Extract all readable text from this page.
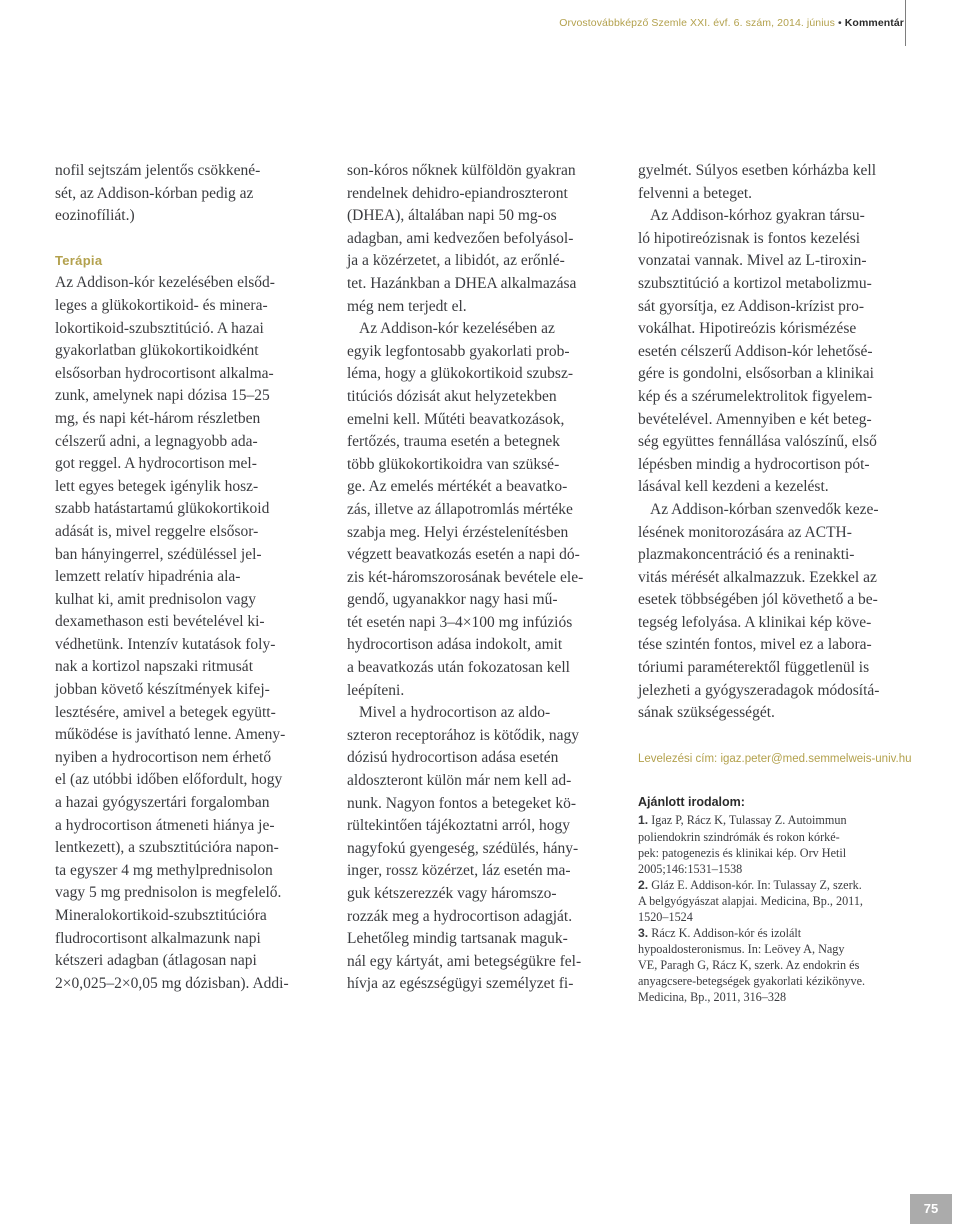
Orvostovábbképző Szemle XXI. évf. 6. szám, 2014. június • Kommentár
nofil sejtszám jelentős csökkené-
sét, az Addison-kórban pedig az
eozinofíliát.)
Terápia
Az Addison-kór kezelésében elsőd-
leges a glükokortikoid- és minera-
lokortikoid-szubsztitúció. A hazai
gyakorlatban glükokortikoidként
elsősorban hydrocortisont alkalma-
zunk, amelynek napi dózisa 15–25
mg, és napi két-három részletben
célszerű adni, a legnagyobb ada-
got reggel. A hydrocortison mel-
lett egyes betegek igénylik hosz-
szabb hatástartamú glükokortikoid
adását is, mivel reggelre elsősor-
ban hányingerrel, szédüléssel jel-
lemzett relatív hipadrénia ala-
kulhat ki, amit prednisolon vagy
dexamethason esti bevételével ki-
védhetünk. Intenzív kutatások foly-
nak a kortizol napszaki ritmusát
jobban követő készítmények kifej-
lesztésére, amivel a betegek együtt-
működése is javítható lenne. Ameny-
nyiben a hydrocortison nem érhető
el (az utóbbi időben előfordult, hogy
a hazai gyógyszertári forgalomban
a hydrocortison átmeneti hiánya je-
lentkezett), a szubsztitúcióra napon-
ta egyszer 4 mg methylprednisolon
vagy 5 mg prednisolon is megfelelő.
Mineralokortikoid-szubsztitúcióra
fludrocortisont alkalmazunk napi
kétszeri adagban (átlagosan napi
2×0,025–2×0,05 mg dózisban). Addi-
son-kóros nőknek külföldön gyakran
rendelnek dehidro-epiandroszteront
(DHEA), általában napi 50 mg-os
adagban, ami kedvezően befolyásol-
ja a közérzetet, a libidót, az erőnlé-
tet. Hazánkban a DHEA alkalmazása
még nem terjedt el.
Az Addison-kór kezelésében az
egyik legfontosabb gyakorlati prob-
léma, hogy a glükokortikoid szubsz-
titúciós dózisát akut helyzetekben
emelni kell. Műtéti beavatkozások,
fertőzés, trauma esetén a betegnek
több glükokortikoidra van szüksé-
ge. Az emelés mértékét a beavatko-
zás, illetve az állapotromlás mértéke
szabja meg. Helyi érzéstelenítésben
végzett beavatkozás esetén a napi dó-
zis két-háromszorosának bevétele ele-
gendő, ugyanakkor nagy hasi mű-
tét esetén napi 3–4×100 mg infúziós
hydrocortison adása indokolt, amit
a beavatkozás után fokozatosan kell
leépíteni.
Mivel a hydrocortison az aldo-
szteron receptorához is kötődik, nagy
dózisú hydrocortison adása esetén
aldoszteront külön már nem kell ad-
nunk. Nagyon fontos a betegeket kö-
rültekintően tájékoztatni arról, hogy
nagyfokú gyengeség, szédülés, hány-
inger, rossz közérzet, láz esetén ma-
guk kétszerezzék vagy háromszo-
rozzák meg a hydrocortison adagját.
Lehetőleg mindig tartsanak maguk-
nál egy kártyát, ami betegségükre fel-
hívja az egészségügyi személyzet fi-
gyelmét. Súlyos esetben kórházba kell
felvenni a beteget.
Az Addison-kórhoz gyakran társu-
ló hipotireózisnak is fontos kezelési
vonzatai vannak. Mivel az L-tiroxin-
szubsztitúció a kortizol metabolizmu-
sát gyorsítja, ez Addison-krízist pro-
vokálhat. Hipotireózis kórismézése
esetén célszerű Addison-kór lehetősé-
gére is gondolni, elsősorban a klinikai
kép és a szérumelektrolitok figyelem-
bevételével. Amennyiben e két beteg-
ség együttes fennállása valószínű, első
lépésben mindig a hydrocortison pót-
lásával kell kezdeni a kezelést.
Az Addison-kórban szenvedők keze-
lésének monitorozására az ACTH-
plazmakoncentráció és a reninakti-
vitás mérését alkalmazzuk. Ezekkel az
esetek többségében jól követhető a be-
tegség lefolyása. A klinikai kép köve-
tése szintén fontos, mivel ez a labora-
tóriumi paraméterektől függetlenül is
jelezheti a gyógyszeradagok módosítá-
sának szükségességét.
Levelezési cím: igaz.peter@med.semmelweis-univ.hu
Ajánlott irodalom:
1. Igaz P, Rácz K, Tulassay Z. Autoimmun
poliendokrin szindrómák és rokon kórké-
pek: patogenezis és klinikai kép. Orv Hetil
2005;146:1531–1538
2. Gláz E. Addison-kór. In: Tulassay Z, szerk.
A belgyógyászat alapjai. Medicina, Bp., 2011,
1520–1524
3. Rácz K. Addison-kór és izolált
hypoaldosteronismus. In: Leövey A, Nagy
VE, Paragh G, Rácz K, szerk. Az endokrin és
anyagcsere-betegségek gyakorlati kézikönyve.
Medicina, Bp., 2011, 316–328
75
